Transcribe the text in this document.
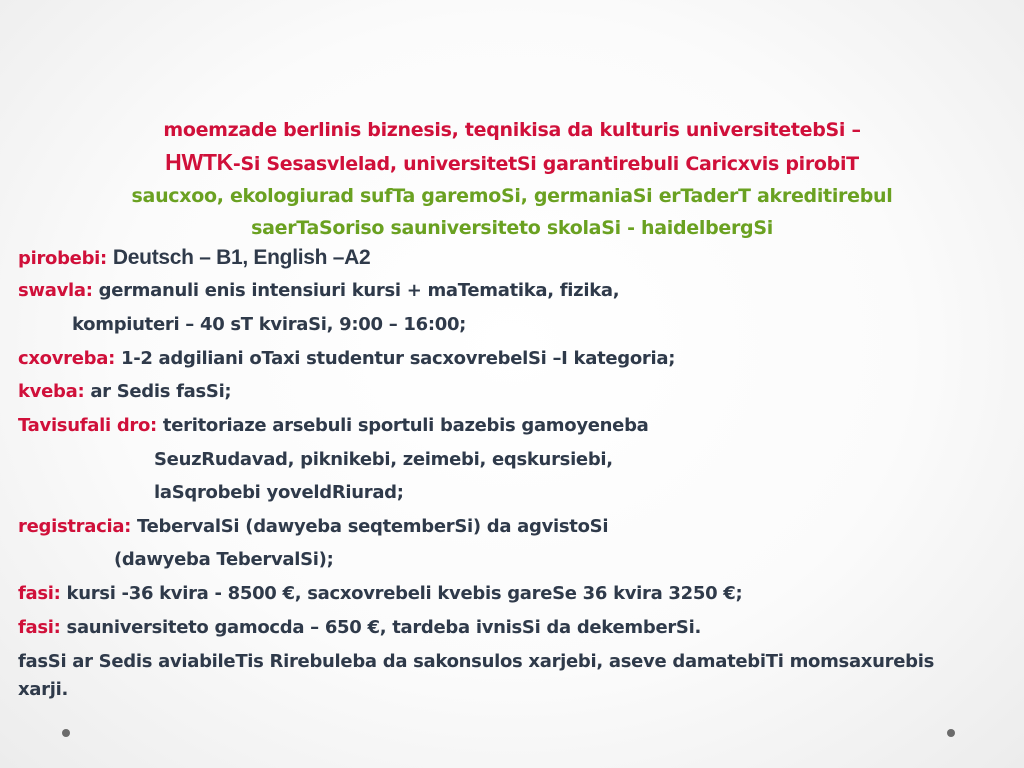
moemzade berlinis biznesis, teqnikisa da kulturis universitetebSi –
HWTK-Si Sesasvlelad, universitetSi garantirebuli Caricxvis pirobiT
saucxoo, ekologiurad sufTa garemoSi, germaniaSi erTaderT akreditirebul
saerTaSoriso sauniversiteto skolaSi - haidelbergSi
pirobebi: Deutsch – B1, English –A2
swavla: germanuli enis intensiuri kursi + maTematika, fizika,
kompiuteri – 40 sT kviraSi, 9:00 – 16:00;
cxovreba: 1-2 adgiliani oTaxi studentur sacxovrebelSi –I kategoria;
kveba: ar Sedis fasSi;
Tavisufali dro: teritoriaze arsebuli sportuli bazebis gamoyeneba
SeuzRudavad, piknikebi, zeimebi, eqskursiebi,
laSqrobebi yoveldRiurad;
registracia: TebervalSi (dawyeba seqtemberSi) da agvistoSi
(dawyeba TebervalSi);
fasi: kursi -36 kvira - 8500 €, sacxovrebeli kvebis gareSe 36 kvira 3250 €;
fasi: sauniversiteto gamocda – 650 €, tardeba ivnisSi da dekemberSi.
fasSi ar Sedis aviabileTis Rirebuleba da sakonsulos xarjebi, aseve damatebiTi momsaxurebis
xarji.
